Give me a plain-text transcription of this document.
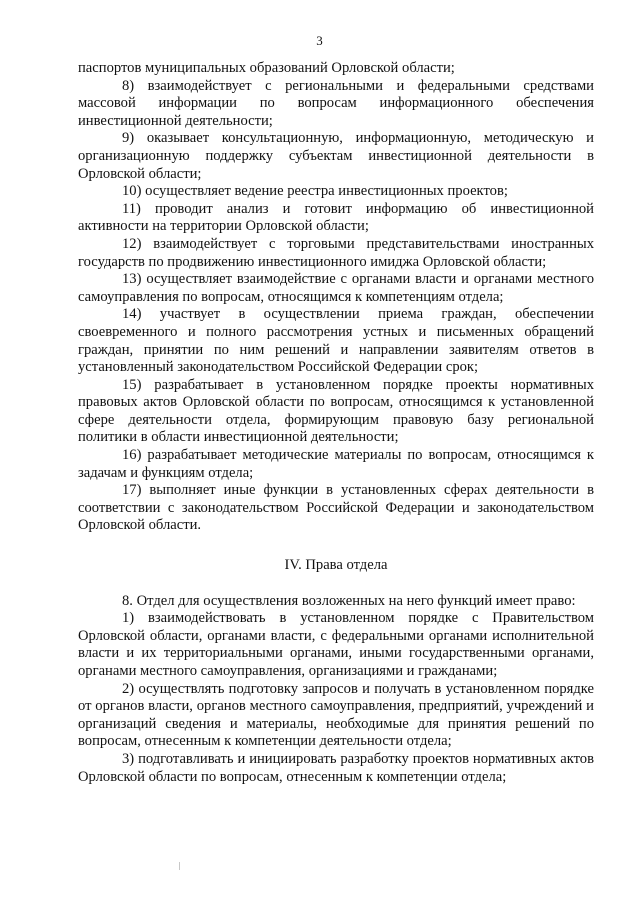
3

паспортов муниципальных образований Орловской области;

8) взаимодействует с региональными и федеральными средствами массовой информации по вопросам информационного обеспечения инвестиционной деятельности;

9) оказывает консультационную, информационную, методическую и организационную поддержку субъектам инвестиционной деятельности в Орловской области;

10) осуществляет ведение реестра инвестиционных проектов;

11) проводит анализ и готовит информацию об инвестиционной активности на территории Орловской области;

12) взаимодействует с торговыми представительствами иностранных государств по продвижению инвестиционного имиджа Орловской области;

13) осуществляет взаимодействие с органами власти и органами местного самоуправления по вопросам, относящимся к компетенциям отдела;

14) участвует в осуществлении приема граждан, обеспечении своевременного и полного рассмотрения устных и письменных обращений граждан, принятии по ним решений и направлении заявителям ответов в установленный законодательством Российской Федерации срок;

15) разрабатывает в установленном порядке проекты нормативных правовых актов Орловской области по вопросам, относящимся к установленной сфере деятельности отдела, формирующим правовую базу региональной политики в области инвестиционной деятельности;

16) разрабатывает методические материалы по вопросам, относящимся к задачам и функциям отдела;

17) выполняет иные функции в установленных сферах деятельности в соответствии с законодательством Российской Федерации и законодательством Орловской области.

IV. Права отдела

8. Отдел для осуществления возложенных на него функций имеет право:

1) взаимодействовать в установленном порядке с Правительством Орловской области, органами власти, с федеральными органами исполнительной власти и их территориальными органами, иными государственными органами, органами местного самоуправления, организациями и гражданами;

2) осуществлять подготовку запросов и получать в установленном порядке от органов власти, органов местного самоуправления, предприятий, учреждений и организаций сведения и материалы, необходимые для принятия решений по вопросам, отнесенным к компетенции деятельности отдела;

3) подготавливать и инициировать разработку проектов нормативных актов Орловской области по вопросам, отнесенным к компетенции отдела;
